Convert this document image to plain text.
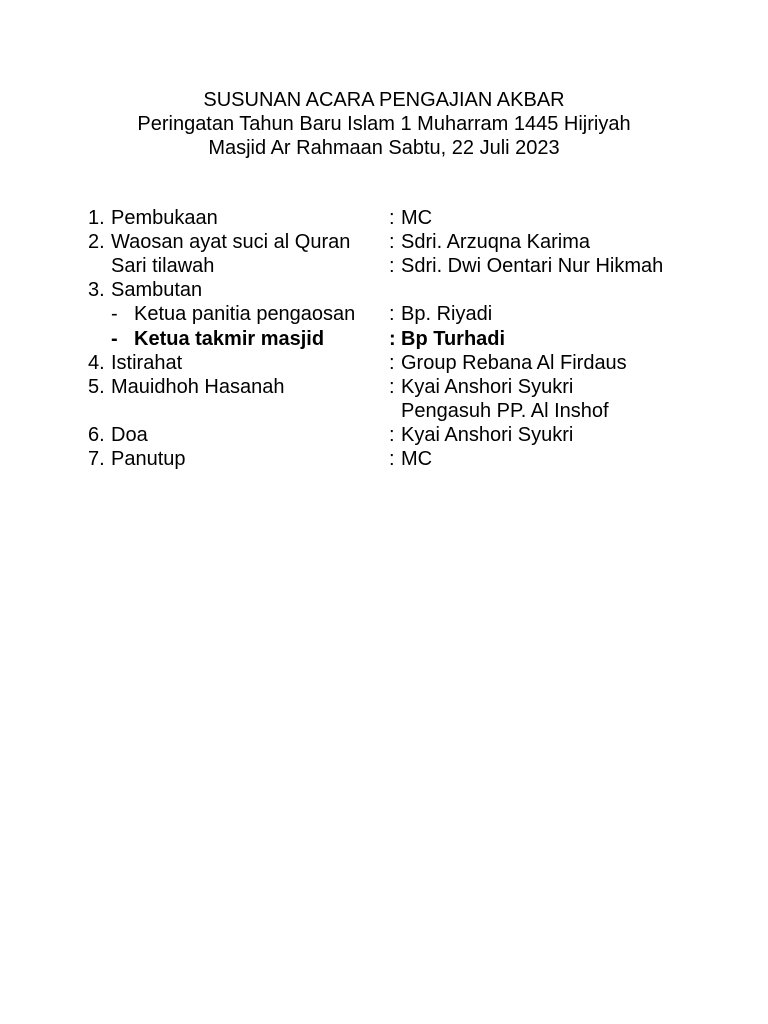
SUSUNAN ACARA PENGAJIAN AKBAR
Peringatan Tahun Baru Islam 1 Muharram 1445 Hijriyah
Masjid Ar Rahmaan Sabtu, 22 Juli 2023
1. Pembukaan	: MC
2. Waosan ayat suci al Quran : Sdri. Arzuqna Karima
Sari tilawah	: Sdri. Dwi Oentari Nur Hikmah
3. Sambutan
- Ketua panitia pengaosan : Bp. Riyadi
- Ketua takmir masjid	: Bp Turhadi
4. Istirahat	: Group Rebana Al Firdaus
5. Mauidhoh Hasanah	: Kyai Anshori Syukri
Pengasuh PP. Al Inshof
6. Doa	: Kyai Anshori Syukri
7. Panutup	: MC
